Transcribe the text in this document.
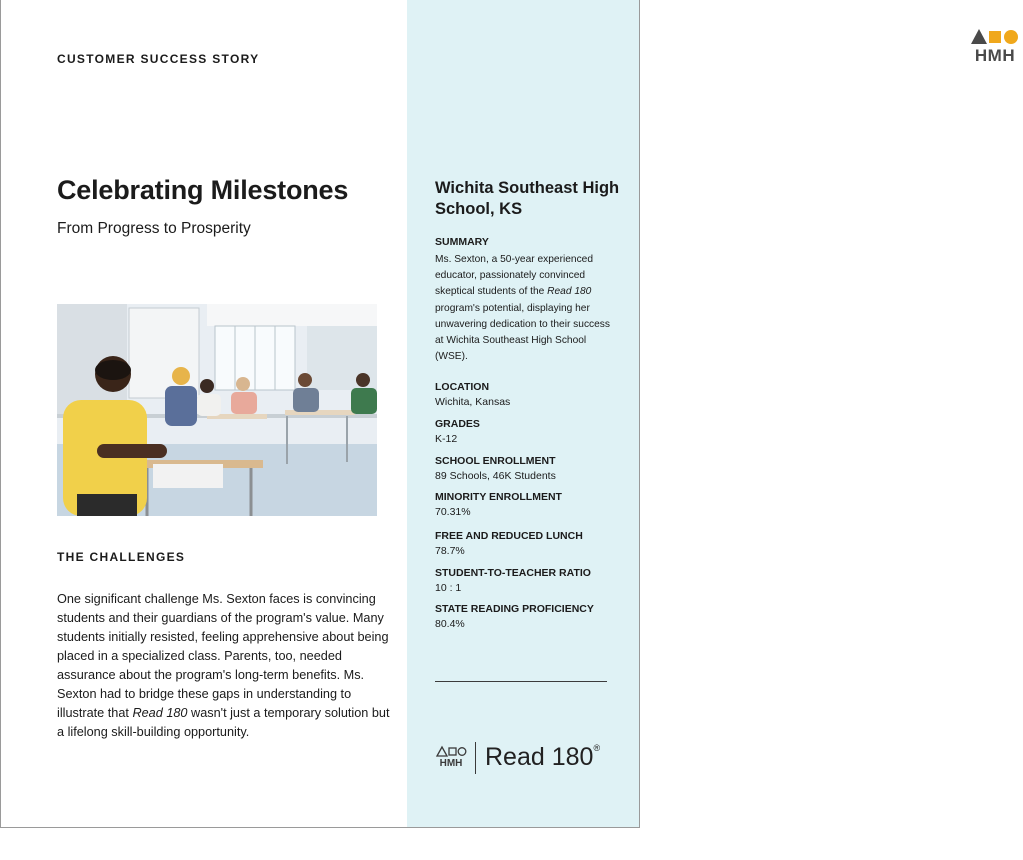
CUSTOMER SUCCESS STORY
Celebrating Milestones
From Progress to Prosperity
THE CHALLENGES
One significant challenge Ms. Sexton faces is convincing students and their guardians of the program's value. Many students initially resisted, feeling apprehensive about being placed in a specialized class. Parents, too, needed assurance about the program's long-term benefits. Ms. Sexton had to bridge these gaps in understanding to illustrate that Read 180 wasn't just a temporary solution but a lifelong skill-building opportunity.
HMH
Wichita Southeast High School, KS
SUMMARY
Ms. Sexton, a 50-year experienced educator, passionately convinced skeptical students of the Read 180 program's potential, displaying her unwavering dedication to their success at Wichita Southeast High School (WSE).
LOCATION
Wichita, Kansas
GRADES
K-12
SCHOOL ENROLLMENT
89 Schools, 46K Students
MINORITY ENROLLMENT
70.31%
FREE AND REDUCED LUNCH
78.7%
STUDENT-TO-TEACHER RATIO
10 : 1
STATE READING PROFICIENCY
80.4%
HMH Read 180®
